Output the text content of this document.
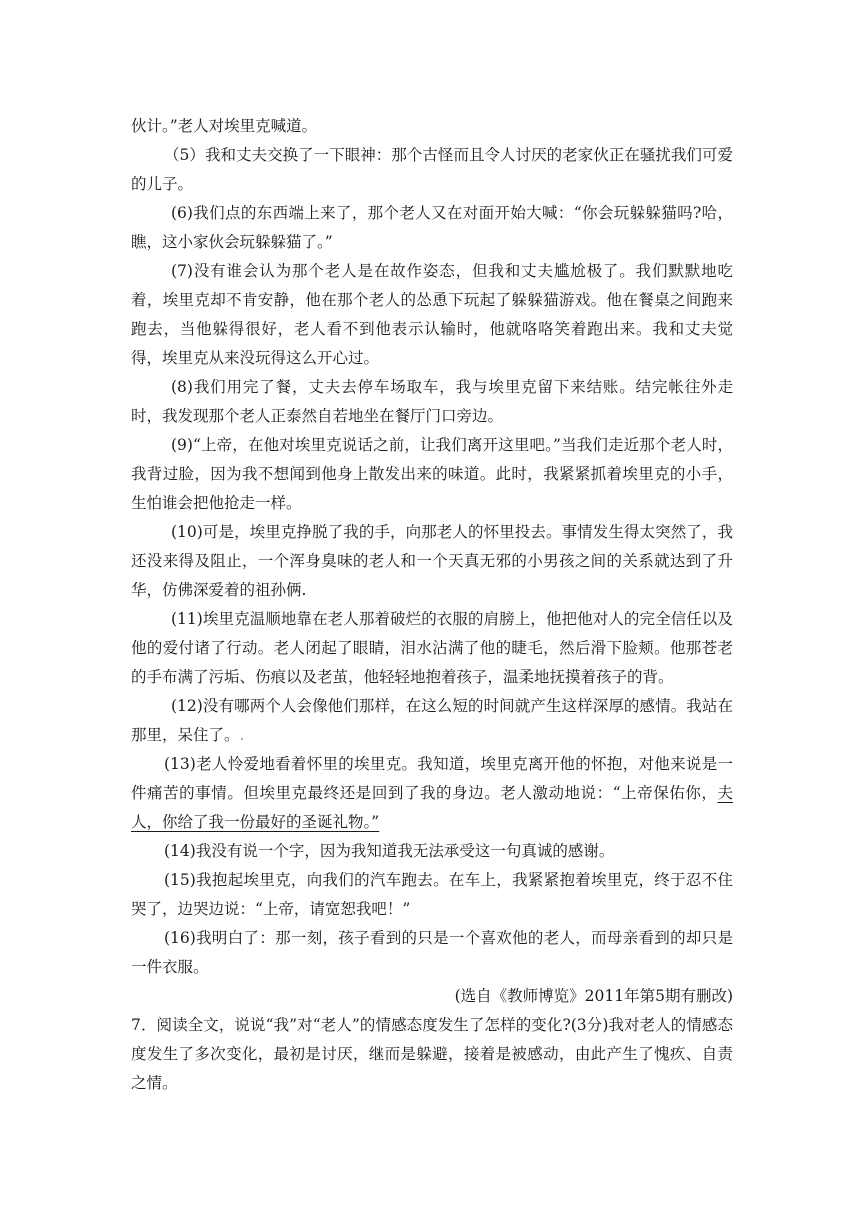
伙计。”老人对埃里克喊道。

（5）我和丈夫交换了一下眼神：那个古怪而且令人讨厌的老家伙正在骚扰我们可爱的儿子。

(6)我们点的东西端上来了，那个老人又在对面开始大喊：“你会玩躲躲猫吗?哈，瞧，这小家伙会玩躲躲猫了。”

(7)没有谁会认为那个老人是在故作姿态，但我和丈夫尴尬极了。我们默默地吃着，埃里克却不肯安静，他在那个老人的怂恿下玩起了躲躲猫游戏。他在餐桌之间跑来跑去，当他躲得很好，老人看不到他表示认输时，他就咯咯笑着跑出来。我和丈夫觉得，埃里克从来没玩得这么开心过。

(8)我们用完了餐，丈夫去停车场取车，我与埃里克留下来结账。结完帐往外走时，我发现那个老人正泰然自若地坐在餐厅门口旁边。

(9)“上帝，在他对埃里克说话之前，让我们离开这里吧。”当我们走近那个老人时，我背过脸，因为我不想闻到他身上散发出来的味道。此时，我紧紧抓着埃里克的小手，生怕谁会把他抢走一样。

(10)可是，埃里克挣脱了我的手，向那老人的怀里投去。事情发生得太突然了，我还没来得及阻止，一个浑身臭味的老人和一个天真无邪的小男孩之间的关系就达到了升华，仿佛深爱着的祖孙俩.

(11)埃里克温顺地靠在老人那着破烂的衣服的肩膀上，他把他对人的完全信任以及他的爱付诸了行动。老人闭起了眼睛，泪水沾满了他的睫毛，然后滑下脸颊。他那苍老的手布满了污垢、伤痕以及老茧，他轻轻地抱着孩子，温柔地抚摸着孩子的背。

(12)没有哪两个人会像他们那样，在这么短的时间就产生这样深厚的感情。我站在那里，呆住了。.

(13)老人怜爱地看着怀里的埃里克。我知道，埃里克离开他的怀抱，对他来说是一件痛苦的事情。但埃里克最终还是回到了我的身边。老人激动地说：“上帝保佑你，夫人，你给了我一份最好的圣诞礼物。”

(14)我没有说一个字，因为我知道我无法承受这一句真诚的感谢。

(15)我抱起埃里克，向我们的汽车跑去。在车上，我紧紧抱着埃里克，终于忍不住哭了，边哭边说：“上帝，请宽恕我吧！”

(16)我明白了：那一刻，孩子看到的只是一个喜欢他的老人，而母亲看到的却只是一件衣服。

(选自《教师博览》2011年第5期有删改)

7．阅读全文，说说“我”对“老人”的情感态度发生了怎样的变化?(3分)我对老人的情感态度发生了多次变化，最初是讨厌，继而是躲避，接着是被感动，由此产生了愧疚、自责之情。
